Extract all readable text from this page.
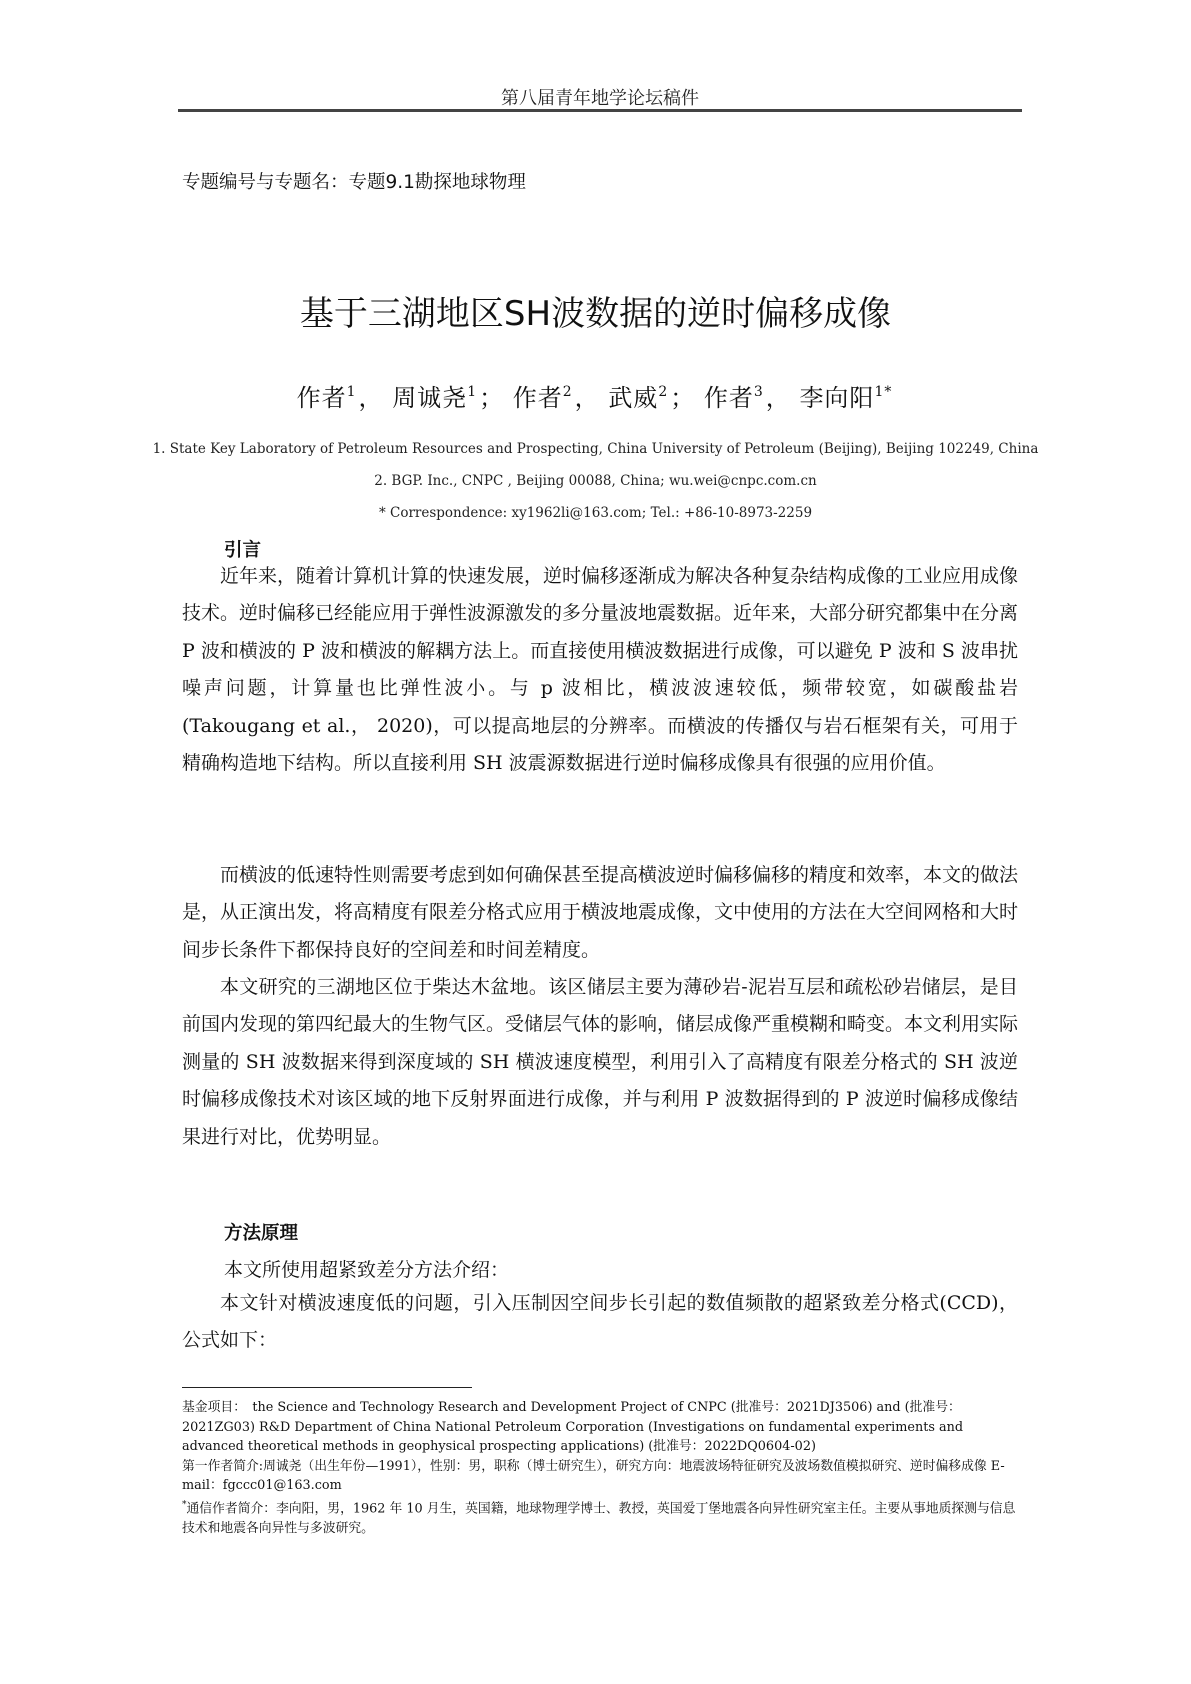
第八届青年地学论坛稿件
专题编号与专题名：专题9.1勘探地球物理
基于三湖地区SH波数据的逆时偏移成像
作者$^1$， 周诚尧$^1$； 作者$^2$， 武威$^2$； 作者$^3$， 李向阳$^{1*}$
1. State Key Laboratory of Petroleum Resources and Prospecting, China University of Petroleum (Beijing), Beijing 102249, China
2. BGP. Inc., CNPC , Beijing 00088, China; wu.wei@cnpc.com.cn
* Correspondence: xy1962li@163.com; Tel.: +86-10-8973-2259
引言

近年来，随着计算机计算的快速发展，逆时偏移逐渐成为解决各种复杂结构成像的工业应用成像技术。逆时偏移已经能应用于弹性波源激发的多分量波地震数据。近年来，大部分研究都集中在分离 P 波和横波的 P 波和横波的解耦方法上。而直接使用横波数据进行成像，可以避免 P 波和 S 波串扰噪声问题，计算量也比弹性波小。与 p 波相比，横波波速较低，频带较宽，如碳酸盐岩(Takougang et al.， 2020)，可以提高地层的分辨率。而横波的传播仅与岩石框架有关，可用于精确构造地下结构。所以直接利用 SH 波震源数据进行逆时偏移成像具有很强的应用价值。

而横波的低速特性则需要考虑到如何确保甚至提高横波逆时偏移偏移的精度和效率，本文的做法是，从正演出发，将高精度有限差分格式应用于横波地震成像，文中使用的方法在大空间网格和大时间步长条件下都保持良好的空间差和时间差精度。

本文研究的三湖地区位于柴达木盆地。该区储层主要为薄砂岩-泥岩互层和疏松砂岩储层，是目前国内发现的第四纪最大的生物气区。受储层气体的影响，储层成像严重模糊和畸变。本文利用实际测量的 SH 波数据来得到深度域的 SH 横波速度模型，利用引入了高精度有限差分格式的 SH 波逆时偏移成像技术对该区域的地下反射界面进行成像，并与利用 P 波数据得到的 P 波逆时偏移成像结果进行对比，优势明显。

方法原理
本文所使用超紧致差分方法介绍：

本文针对横波速度低的问题，引入压制因空间步长引起的数值频散的超紧致差分格式(CCD)，公式如下：

基金项目：　the Science and Technology Research and Development Project of CNPC (批准号：2021DJ3506) and (批准号：2021ZG03) R&D Department of China National Petroleum Corporation (Investigations on fundamental experiments and advanced theoretical methods in geophysical prospecting applications) (批准号：2022DQ0604-02)

第一作者简介:周诚尧（出生年份—1991），性别：男，职称（博士研究生），研究方向：地震波场特征研究及波场数值模拟研究、逆时偏移成像 E-mail：fgccc01@163.com

*通信作者简介：李向阳，男，1962 年 10 月生，英国籍，地球物理学博士、教授，英国爱丁堡地震各向异性研究室主任。主要从事地质探测与信息技术和地震各向异性与多波研究。
